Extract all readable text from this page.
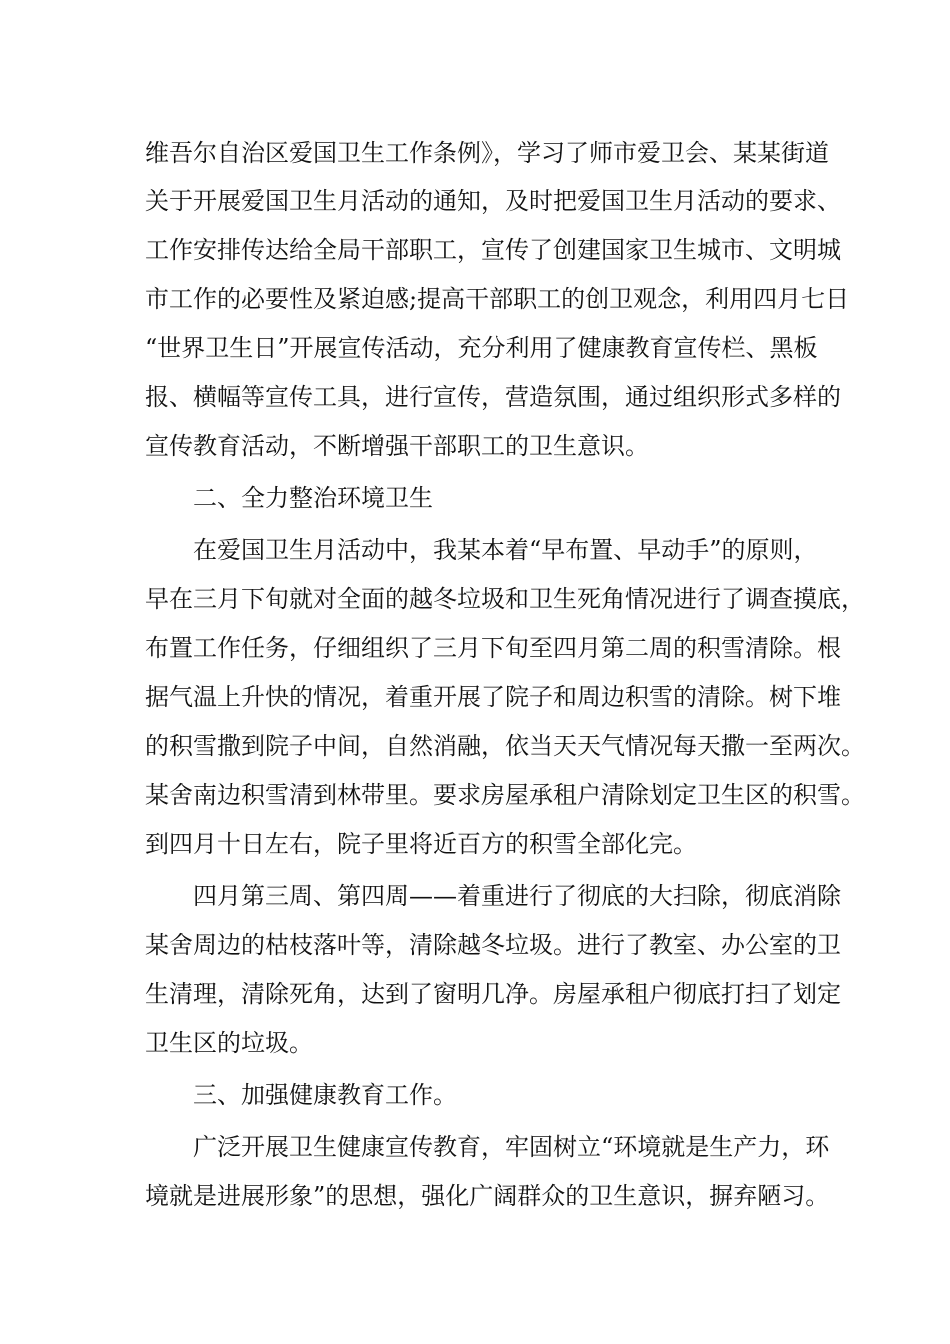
维吾尔自治区爱国卫生工作条例》，学习了师市爱卫会、某某街道

关于开展爱国卫生月活动的通知，及时把爱国卫生月活动的要求、

工作安排传达给全局干部职工，宣传了创建国家卫生城市、文明城

市工作的必要性及紧迫感;提高干部职工的创卫观念，利用四月七日

“世界卫生日”开展宣传活动，充分利用了健康教育宣传栏、黑板

报、横幅等宣传工具，进行宣传，营造氛围，通过组织形式多样的

宣传教育活动，不断增强干部职工的卫生意识。

二、全力整治环境卫生

在爱国卫生月活动中，我某本着“早布置、早动手”的原则，

早在三月下旬就对全面的越冬垃圾和卫生死角情况进行了调查摸底，

布置工作任务，仔细组织了三月下旬至四月第二周的积雪清除。根

据气温上升快的情况，着重开展了院子和周边积雪的清除。树下堆

的积雪撒到院子中间，自然消融，依当天天气情况每天撒一至两次。

某舍南边积雪清到林带里。要求房屋承租户清除划定卫生区的积雪。

到四月十日左右，院子里将近百方的积雪全部化完。

四月第三周、第四周——着重进行了彻底的大扫除，彻底消除

某舍周边的枯枝落叶等，清除越冬垃圾。进行了教室、办公室的卫

生清理，清除死角，达到了窗明几净。房屋承租户彻底打扫了划定

卫生区的垃圾。

三、加强健康教育工作。

广泛开展卫生健康宣传教育，牢固树立“环境就是生产力，环

境就是进展形象”的思想，强化广阔群众的卫生意识，摒弃陋习。
